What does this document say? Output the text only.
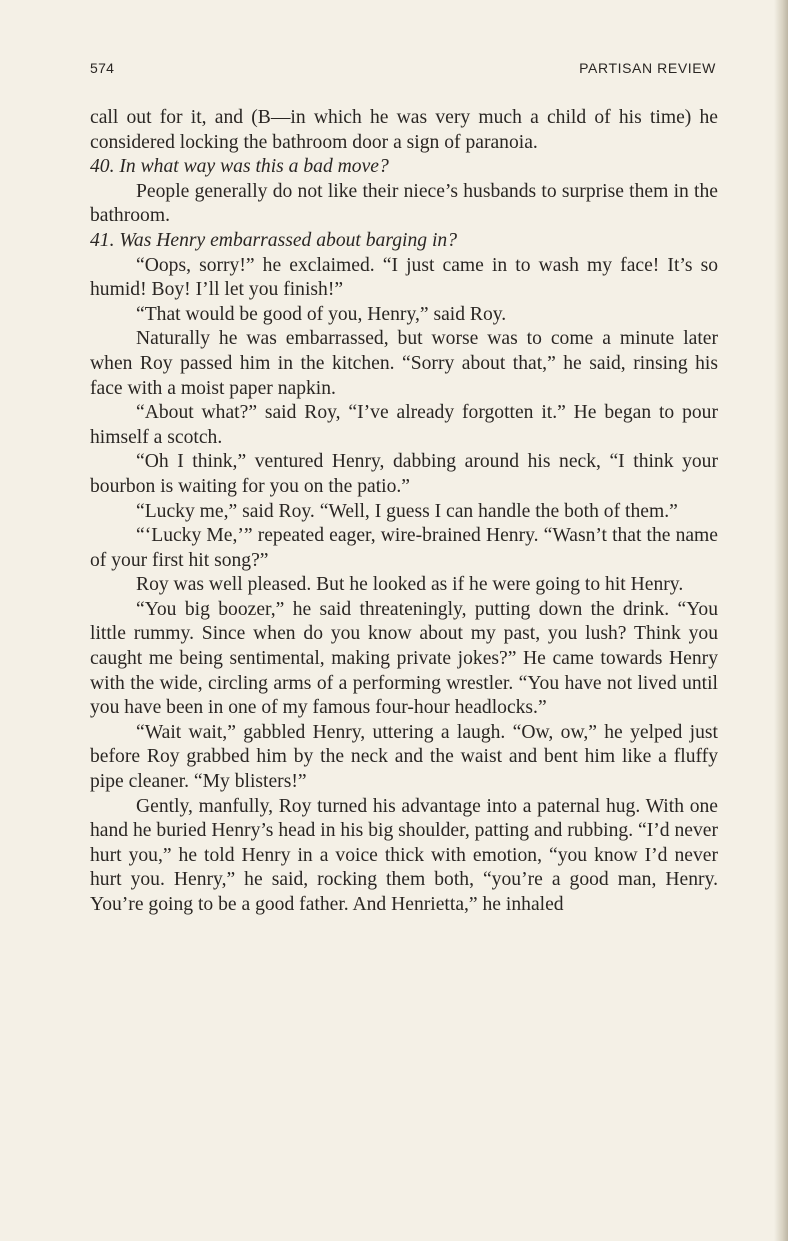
574	PARTISAN REVIEW

call out for it, and (B—in which he was very much a child of his time) he considered locking the bathroom door a sign of paranoia.

40. In what way was this a bad move?

People generally do not like their niece’s husbands to surprise them in the bathroom.

41. Was Henry embarrassed about barging in?

“Oops, sorry!” he exclaimed. “I just came in to wash my face! It’s so humid! Boy! I’ll let you finish!”

“That would be good of you, Henry,” said Roy.

Naturally he was embarrassed, but worse was to come a minute later when Roy passed him in the kitchen. “Sorry about that,” he said, rinsing his face with a moist paper napkin.

“About what?” said Roy, “I’ve already forgotten it.” He began to pour himself a scotch.

“Oh I think,” ventured Henry, dabbing around his neck, “I think your bourbon is waiting for you on the patio.”

“Lucky me,” said Roy. “Well, I guess I can handle the both of them.”

“‘Lucky Me,’” repeated eager, wire-brained Henry. “Wasn’t that the name of your first hit song?”

Roy was well pleased. But he looked as if he were going to hit Henry.

“You big boozer,” he said threateningly, putting down the drink. “You little rummy. Since when do you know about my past, you lush? Think you caught me being sentimental, making private jokes?” He came towards Henry with the wide, circling arms of a performing wrestler. “You have not lived until you have been in one of my famous four-hour headlocks.”

“Wait wait,” gabbled Henry, uttering a laugh. “Ow, ow,” he yelped just before Roy grabbed him by the neck and the waist and bent him like a fluffy pipe cleaner. “My blisters!”

Gently, manfully, Roy turned his advantage into a paternal hug. With one hand he buried Henry’s head in his big shoulder, patting and rubbing. “I’d never hurt you,” he told Henry in a voice thick with emotion, “you know I’d never hurt you. Henry,” he said, rocking them both, “you’re a good man, Henry. You’re going to be a good father. And Henrietta,” he inhaled
